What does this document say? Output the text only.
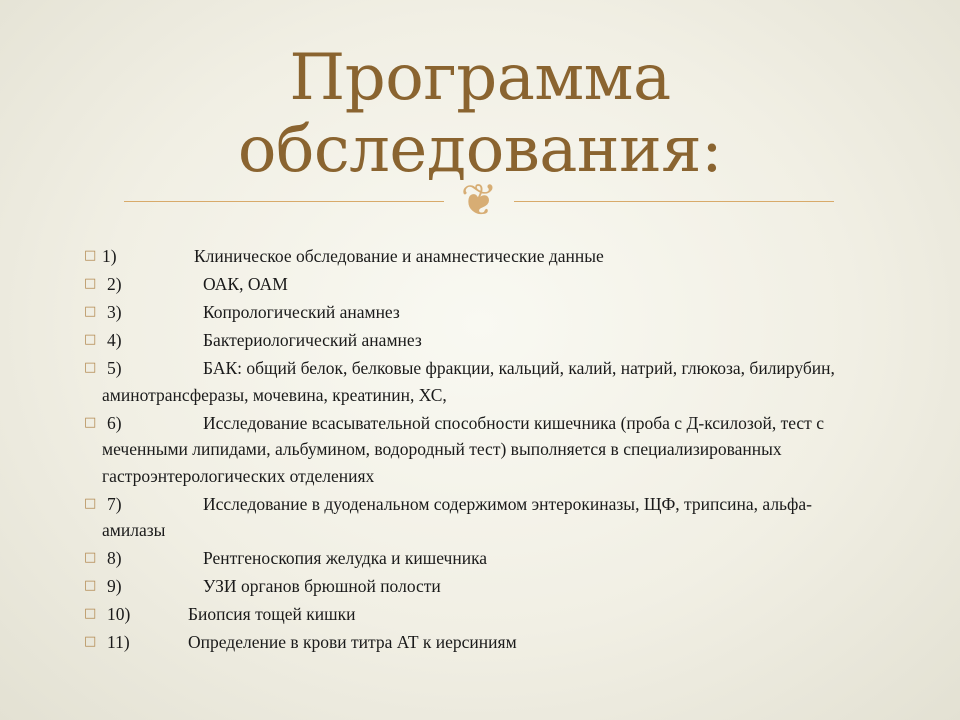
Программа
обследования:
❦
□ 1)	Клиническое обследование и анамнестические данные
□ 2)	ОАК, ОАМ
□ 3)	Копрологический анамнез
□ 4)	Бактериологический анамнез
□ 5)	БАК: общий белок, белковые фракции, кальций, калий, натрий, глюкоза, билирубин, аминотрансферазы, мочевина, креатинин, ХС,
□ 6)	Исследование всасывательной способности кишечника (проба с Д-ксилозой, тест с меченными липидами, альбумином, водородный тест) выполняется в специализированных гастроэнтерологических отделениях
□ 7)	Исследование в дуоденальном содержимом энтерокиназы, ЩФ, трипсина, альфа-амилазы
□ 8)	Рентгеноскопия желудка и кишечника
□ 9)	УЗИ органов брюшной полости
□ 10)	Биопсия тощей кишки
□ 11)	Определение в крови титра АТ к иерсиниям
